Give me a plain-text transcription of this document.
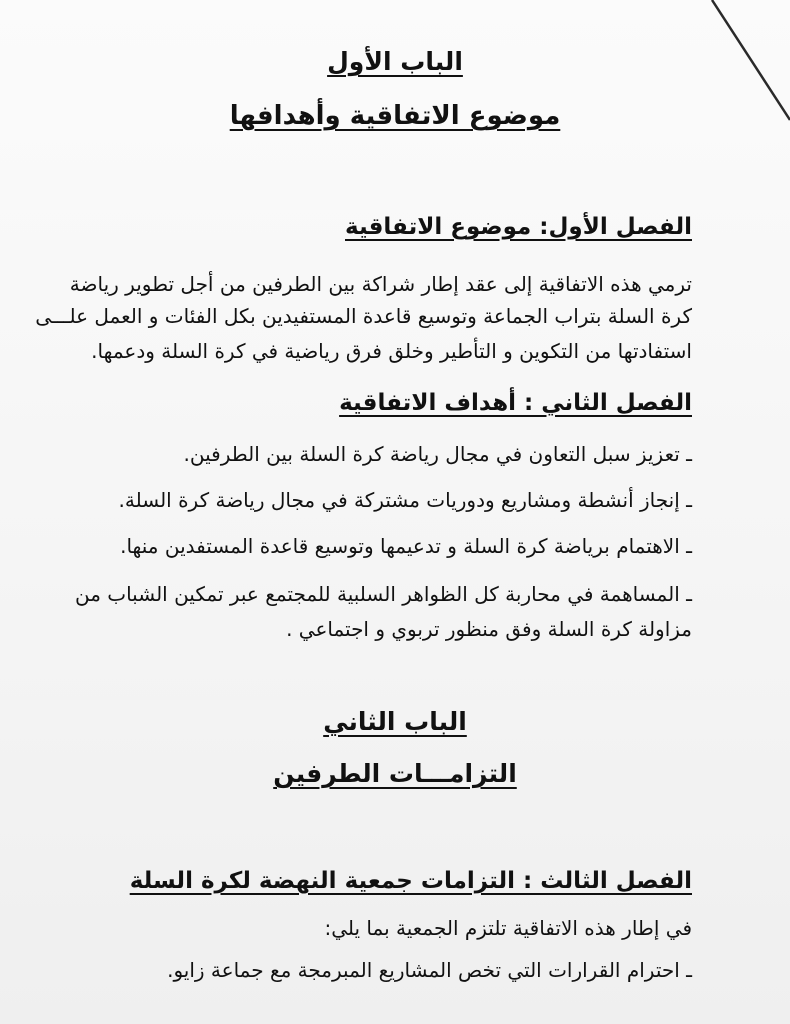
الباب الأول
موضوع الاتفاقية وأهدافها
الفصل الأول: موضوع الاتفاقية
ترمي هذه الاتفاقية إلى عقد إطار شراكة بين الطرفين من أجل تطوير رياضة
كرة السلة بتراب الجماعة وتوسيع قاعدة المستفيدين بكل الفئات و العمل علـــى
استفادتها من التكوين و التأطير وخلق فرق رياضية في كرة السلة ودعمها.
الفصل الثاني : أهداف الاتفاقية
ـ تعزيز سبل التعاون في مجال رياضة كرة السلة بين الطرفين.
ـ إنجاز أنشطة ومشاريع ودوريات مشتركة في مجال رياضة كرة السلة.
ـ الاهتمام برياضة كرة السلة و تدعيمها وتوسيع قاعدة المستفدين منها.
ـ المساهمة في محاربة كل الظواهر السلبية للمجتمع عبر تمكين الشباب من
مزاولة كرة السلة وفق منظور تربوي و اجتماعي .
الباب الثاني
التزامـــات الطرفين
الفصل الثالث : التزامات جمعية النهضة لكرة السلة
في إطار هذه الاتفاقية تلتزم الجمعية بما يلي:
ـ احترام القرارات التي تخص المشاريع المبرمجة مع جماعة زايو.
